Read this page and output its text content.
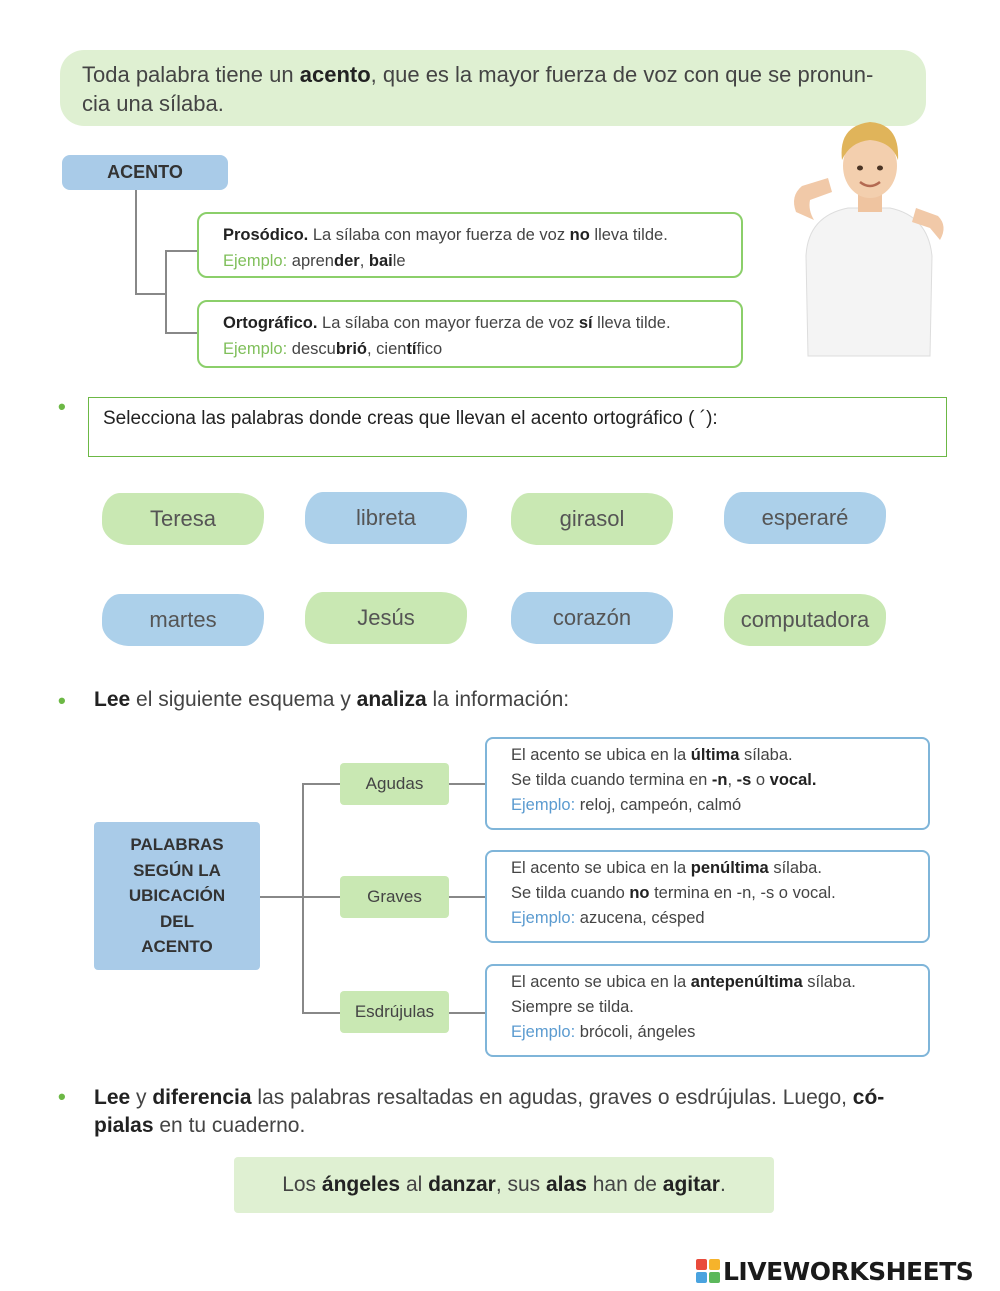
Toda palabra tiene un acento, que es la mayor fuerza de voz con que se pronun-
cia una sílaba.
ACENTO
Prosódico. La sílaba con mayor fuerza de voz no lleva tilde.
Ejemplo: aprender, baile
Ortográfico. La sílaba con mayor fuerza de voz sí lleva tilde.
Ejemplo: descubrió, científico
•	Selecciona las palabras donde creas que llevan el acento ortográfico ( ´):
Teresa	libreta	girasol	esperaré
martes	Jesús	corazón	computadora
• Lee el siguiente esquema y analiza la información:
PALABRAS
SEGÚN LA
UBICACIÓN
DEL
ACENTO
Agudas
Graves
Esdrújulas
El acento se ubica en la última sílaba.
Se tilda cuando termina en -n, -s o vocal.
Ejemplo: reloj, campeón, calmó
El acento se ubica en la penúltima sílaba.
Se tilda cuando no termina en -n, -s o vocal.
Ejemplo: azucena, césped
El acento se ubica en la antepenúltima sílaba.
Siempre se tilda.
Ejemplo: brócoli, ángeles
• Lee y diferencia las palabras resaltadas en agudas, graves o esdrújulas. Luego, có-
pialas en tu cuaderno.
Los ángeles al danzar, sus alas han de agitar.
LIVEWORKSHEETS
